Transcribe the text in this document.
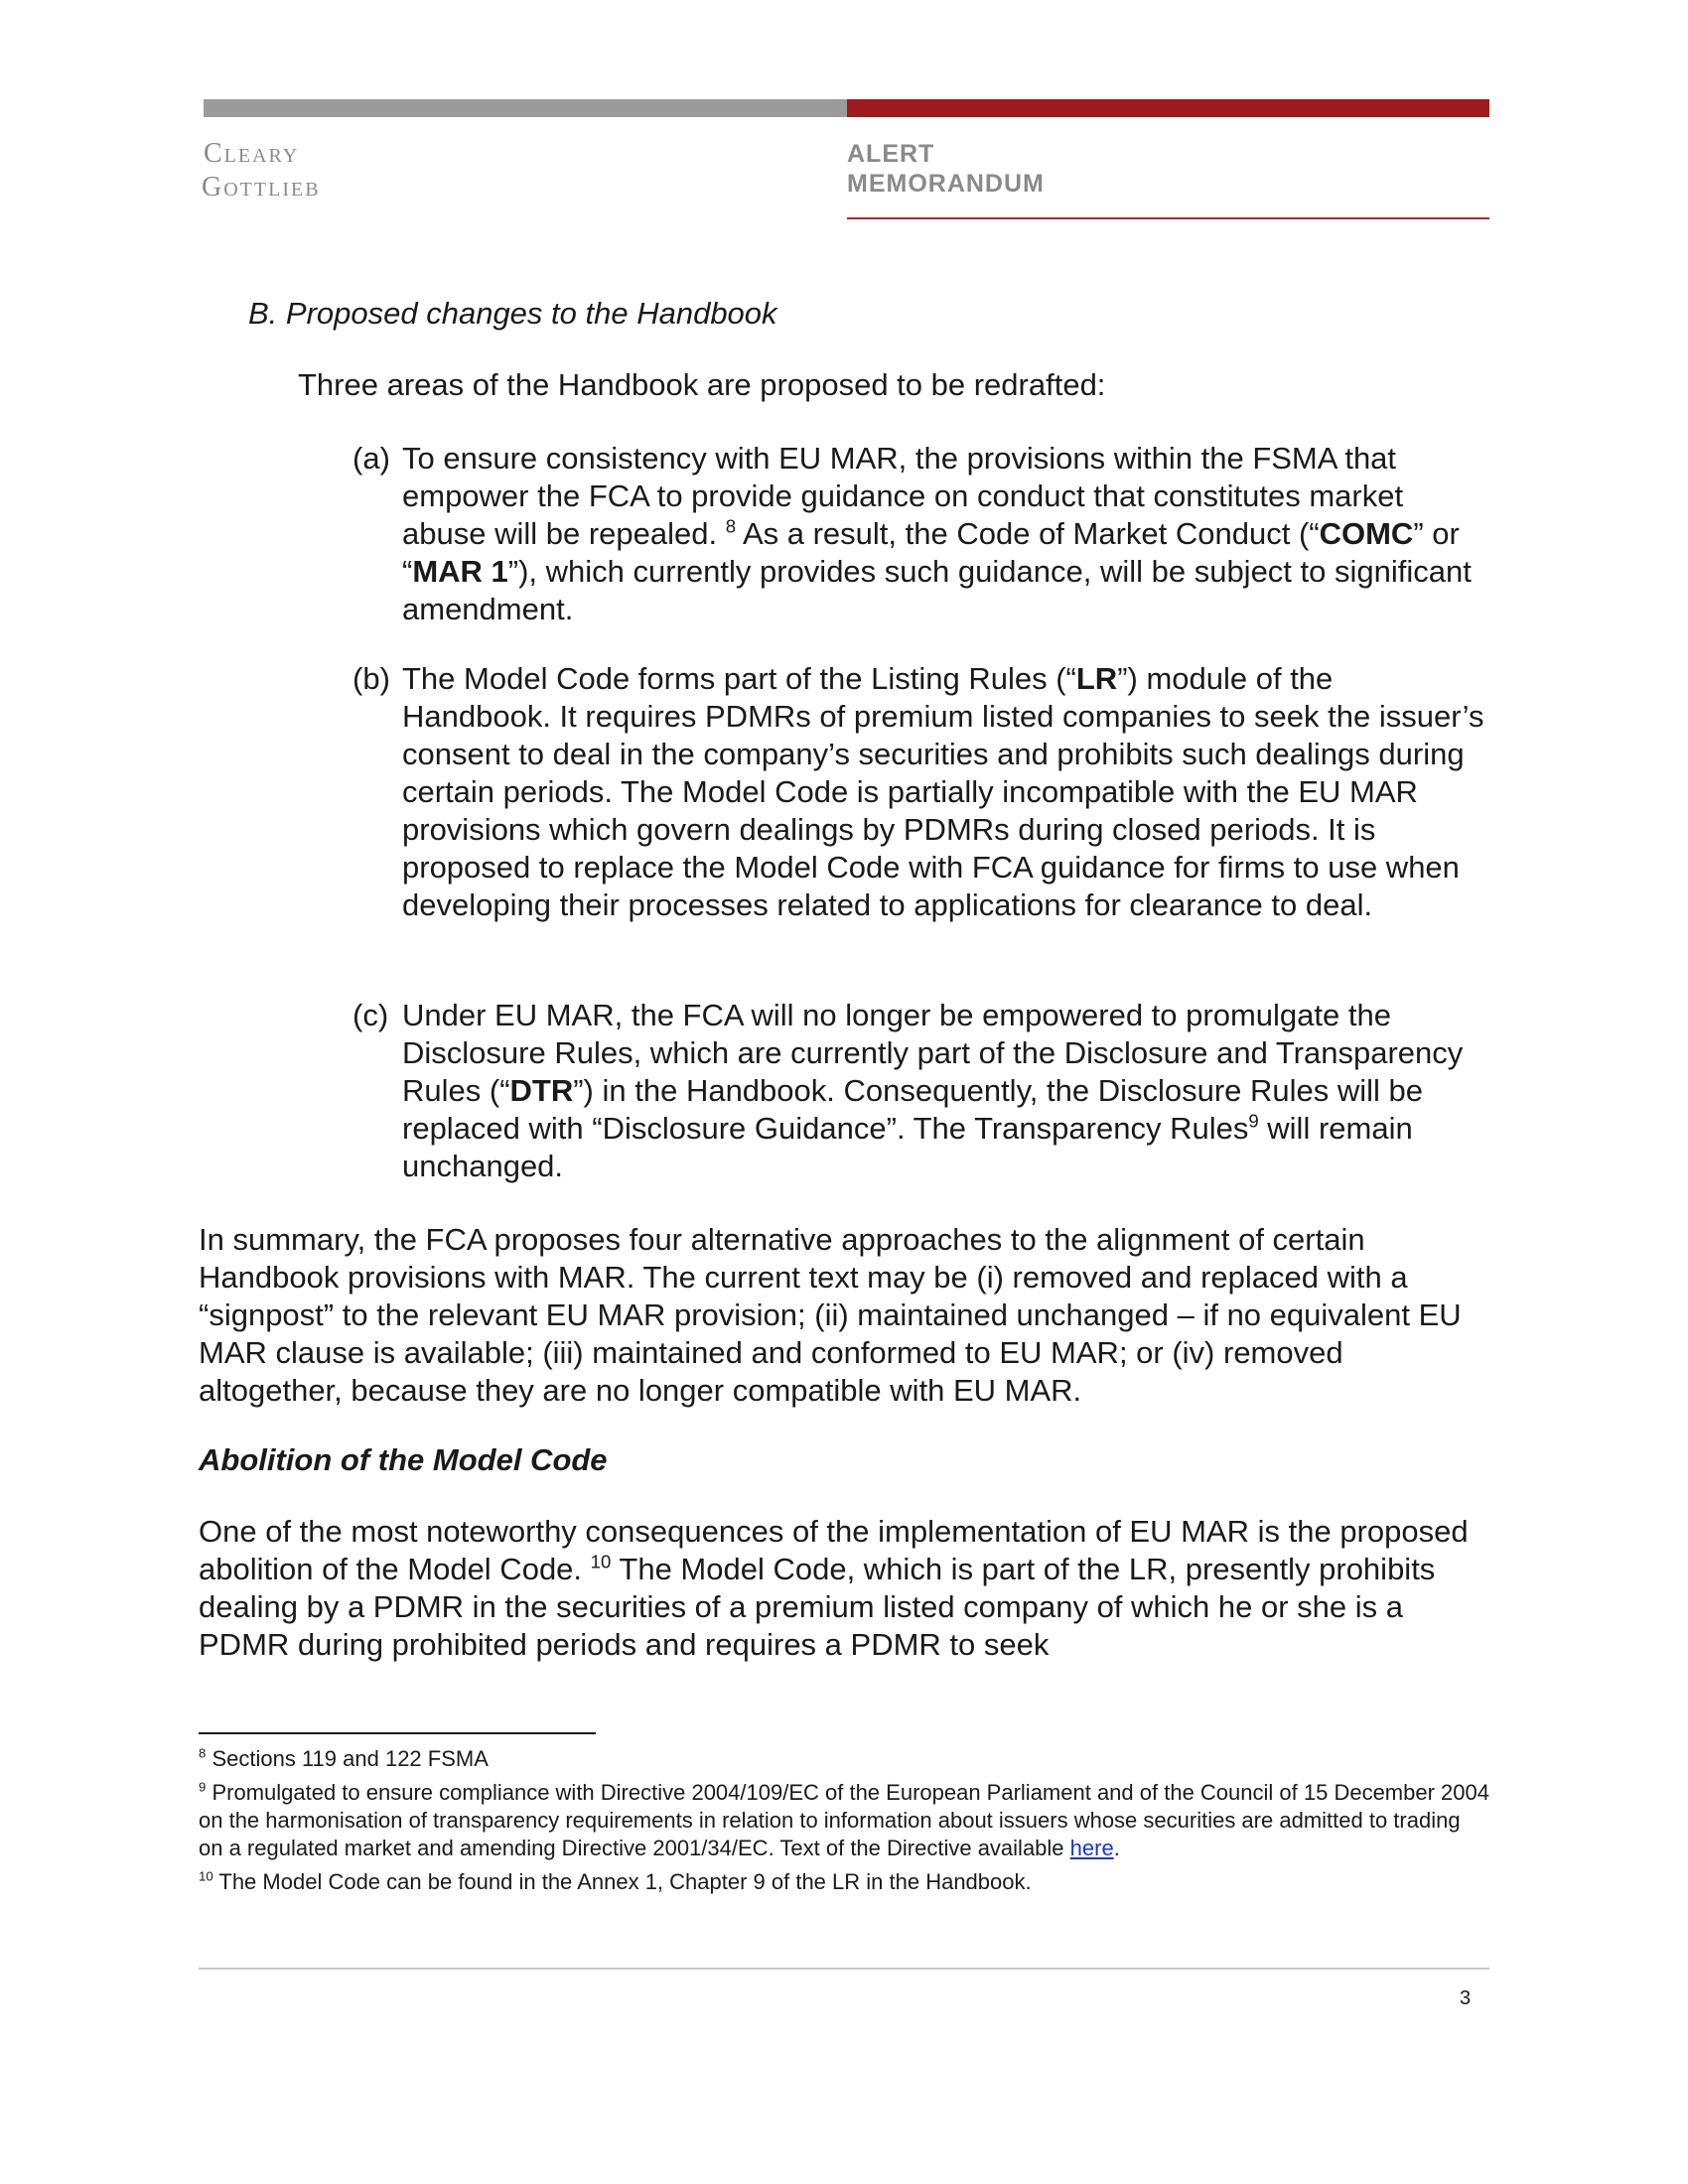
Cleary
Gottlieb
ALERT
MEMORANDUM
B. Proposed changes to the Handbook
Three areas of the Handbook are proposed to be redrafted:
(a) To ensure consistency with EU MAR, the provisions within the FSMA that empower the FCA to provide guidance on conduct that constitutes market abuse will be repealed. $^8$ As a result, the Code of Market Conduct (“COMC” or “MAR 1”), which currently provides such guidance, will be subject to significant amendment.
(b) The Model Code forms part of the Listing Rules (“LR”) module of the Handbook. It requires PDMRs of premium listed companies to seek the issuer’s consent to deal in the company’s securities and prohibits such dealings during certain periods. The Model Code is partially incompatible with the EU MAR provisions which govern dealings by PDMRs during closed periods. It is proposed to replace the Model Code with FCA guidance for firms to use when developing their processes related to applications for clearance to deal.
(c) Under EU MAR, the FCA will no longer be empowered to promulgate the Disclosure Rules, which are currently part of the Disclosure and Transparency Rules (“DTR”) in the Handbook. Consequently, the Disclosure Rules will be replaced with “Disclosure Guidance”. The Transparency Rules$^9$ will remain unchanged.
In summary, the FCA proposes four alternative approaches to the alignment of certain Handbook provisions with MAR. The current text may be (i) removed and replaced with a “signpost” to the relevant EU MAR provision; (ii) maintained unchanged – if no equivalent EU MAR clause is available; (iii) maintained and conformed to EU MAR; or (iv) removed altogether, because they are no longer compatible with EU MAR.
Abolition of the Model Code
One of the most noteworthy consequences of the implementation of EU MAR is the proposed abolition of the Model Code. $^{10}$ The Model Code, which is part of the LR, presently prohibits dealing by a PDMR in the securities of a premium listed company of which he or she is a PDMR during prohibited periods and requires a PDMR to seek
$^8$ Sections 119 and 122 FSMA
$^9$ Promulgated to ensure compliance with Directive 2004/109/EC of the European Parliament and of the Council of 15 December 2004 on the harmonisation of transparency requirements in relation to information about issuers whose securities are admitted to trading on a regulated market and amending Directive 2001/34/EC. Text of the Directive available here.
$^{10}$ The Model Code can be found in the Annex 1, Chapter 9 of the LR in the Handbook.
3
